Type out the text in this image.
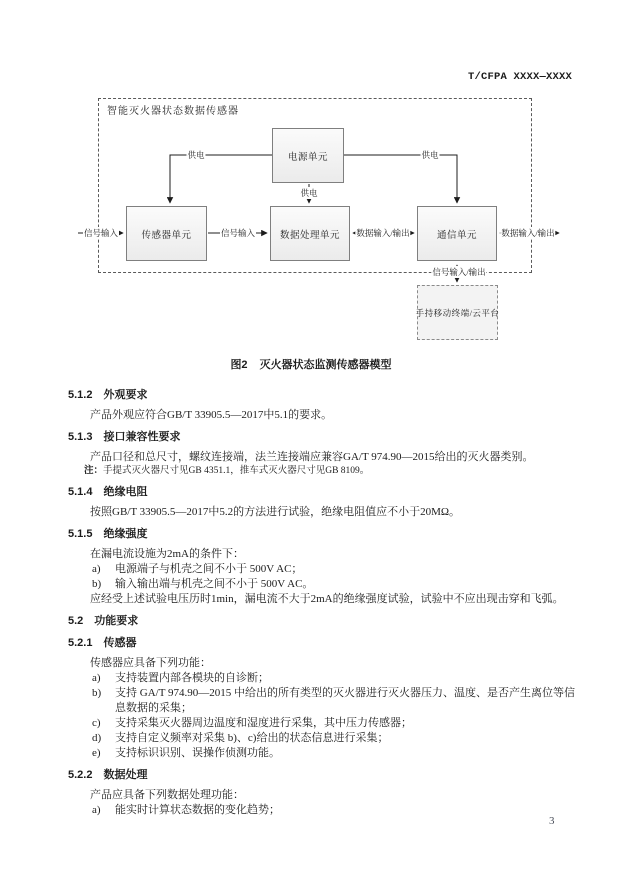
T/CFPA XXXX—XXXX
智能灭火器状态数据传感器
电源单元
传感器单元	数据处理单元	通信单元
手持移动终端/云平台
供电
供电
供电
信号输入	信号输入	数据输入/输出	数据输入/输出
信号输入/输出
图2 灭火器状态监测传感器模型
5.1.2 外观要求
产品外观应符合GB/T 33905.5—2017中5.1的要求。
5.1.3 接口兼容性要求
产品口径和总尺寸，螺纹连接端，法兰连接端应兼容GA/T 974.90—2015给出的灭火器类别。
注：手提式灭火器尺寸见GB 4351.1，推车式灭火器尺寸见GB 8109。
5.1.4 绝缘电阻
按照GB/T 33905.5—2017中5.2的方法进行试验，绝缘电阻值应不小于20MΩ。
5.1.5 绝缘强度
在漏电流设施为2mA的条件下：
a)	电源端子与机壳之间不小于 500V AC；
b)	输入输出端与机壳之间不小于 500V AC。
应经受上述试验电压历时1min，漏电流不大于2mA的绝缘强度试验，试验中不应出现击穿和飞弧。
5.2 功能要求
5.2.1 传感器
传感器应具备下列功能：
a)	支持装置内部各模块的自诊断；
b)	支持 GA/T 974.90—2015 中给出的所有类型的灭火器进行灭火器压力、温度、是否产生离位等信息数据的采集；
c)	支持采集灭火器周边温度和湿度进行采集，其中压力传感器；
d)	支持自定义频率对采集 b)、c)给出的状态信息进行采集；
e)	支持标识识别、误操作侦测功能。
5.2.2 数据处理
产品应具备下列数据处理功能：
a)	能实时计算状态数据的变化趋势；
3
